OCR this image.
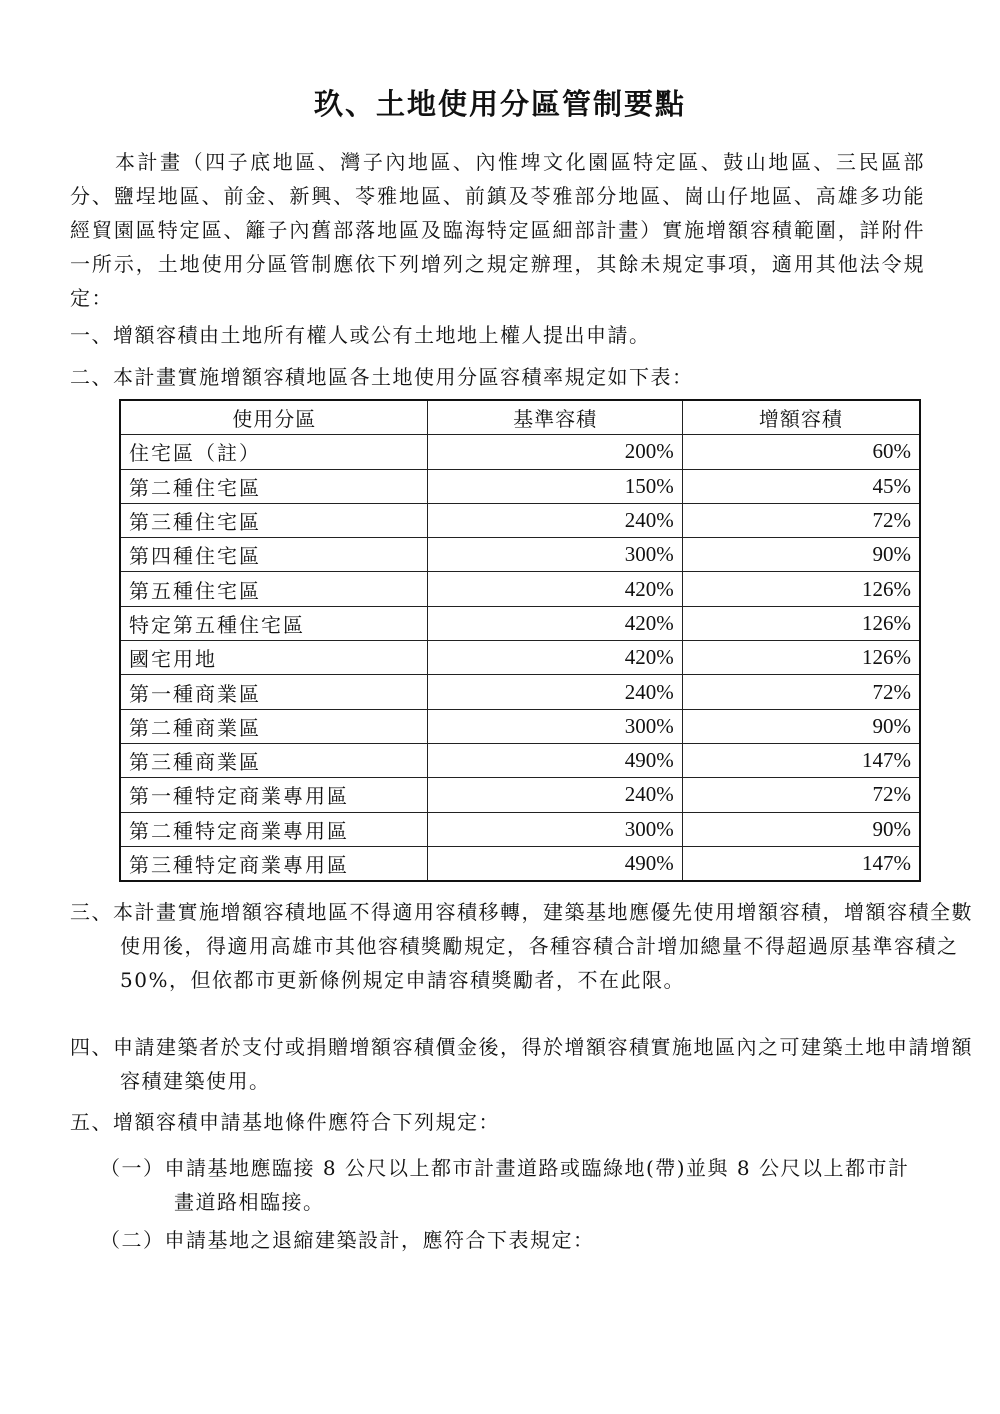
玖、土地使用分區管制要點
本計畫（四子底地區、灣子內地區、內惟埤文化園區特定區、鼓山地區、三民區部分、鹽埕地區、前金、新興、苓雅地區、前鎮及苓雅部分地區、崗山仔地區、高雄多功能經貿園區特定區、籬子內舊部落地區及臨海特定區細部計畫）實施增額容積範圍，詳附件一所示，土地使用分區管制應依下列增列之規定辦理，其餘未規定事項，適用其他法令規定：
一、增額容積由土地所有權人或公有土地地上權人提出申請。
二、本計畫實施增額容積地區各土地使用分區容積率規定如下表：
使用分區	基準容積	增額容積
住宅區（註）	200%	60%
第二種住宅區	150%	45%
第三種住宅區	240%	72%
第四種住宅區	300%	90%
第五種住宅區	420%	126%
特定第五種住宅區	420%	126%
國宅用地	420%	126%
第一種商業區	240%	72%
第二種商業區	300%	90%
第三種商業區	490%	147%
第一種特定商業專用區	240%	72%
第二種特定商業專用區	300%	90%
第三種特定商業專用區	490%	147%
三、本計畫實施增額容積地區不得適用容積移轉，建築基地應優先使用增額容積，增額容積全數使用後，得適用高雄市其他容積獎勵規定，各種容積合計增加總量不得超過原基準容積之 50%，但依都市更新條例規定申請容積獎勵者，不在此限。
四、申請建築者於支付或捐贈增額容積價金後，得於增額容積實施地區內之可建築土地申請增額容積建築使用。
五、增額容積申請基地條件應符合下列規定：
（一）申請基地應臨接 8 公尺以上都市計畫道路或臨綠地(帶)並與 8 公尺以上都市計畫道路相臨接。
（二）申請基地之退縮建築設計，應符合下表規定：
